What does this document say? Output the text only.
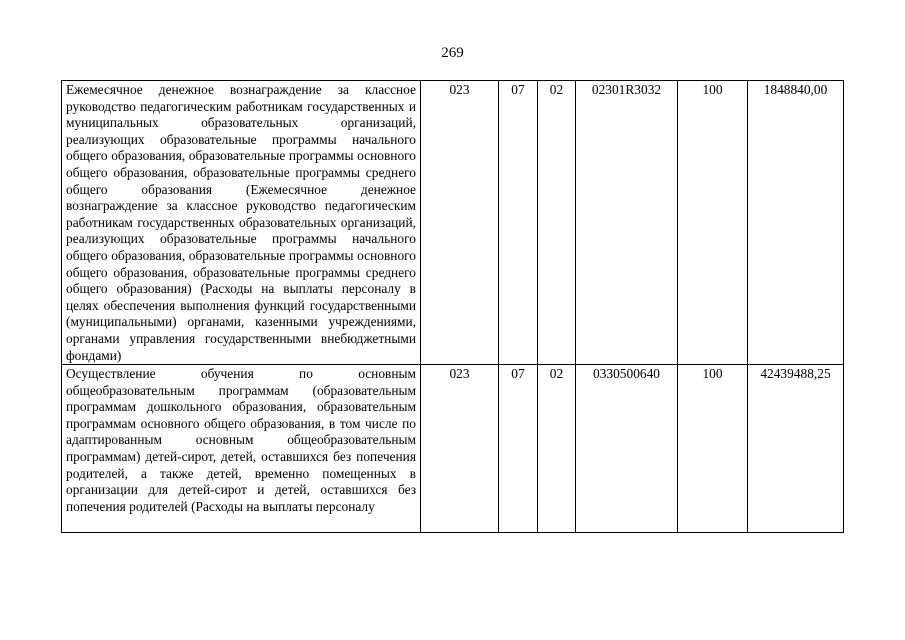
269
Ежемесячное денежное вознаграждение за классное руководство педагогическим работникам государственных и муниципальных образовательных организаций, реализующих образовательные программы начального общего образования, образовательные программы основного общего образования, образовательные программы среднего общего образования (Ежемесячное денежное вознаграждение за классное руководство педагогическим работникам государственных образовательных организаций, реализующих образовательные программы начального общего образования, образовательные программы основного общего образования, образовательные программы среднего общего образования) (Расходы на выплаты персоналу в целях обеспечения выполнения функций государственными (муниципальными) органами, казенными учреждениями, органами управления государственными внебюджетными фондами)	023	07	02	02301R3032	100	1848840,00
Осуществление обучения по основным общеобразовательным программам (образовательным программам дошкольного образования, образовательным программам основного общего образования, в том числе по адаптированным основным общеобразовательным программам) детей-сирот, детей, оставшихся без попечения родителей, а также детей, временно помещенных в организации для детей-сирот и детей, оставшихся без попечения родителей (Расходы на выплаты персоналу	023	07	02	0330500640	100	42439488,25
